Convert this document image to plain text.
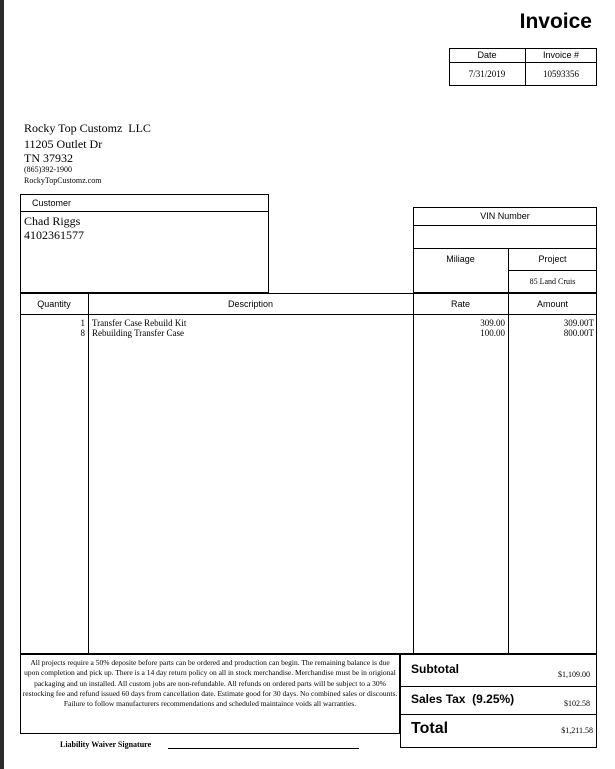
Invoice
Date	Invoice #
7/31/2019	10593356
Rocky Top Customz  LLC
11205 Outlet Dr
TN 37932
(865)392-1900
RockyTopCustomz.com
Customer
Chad Riggs
4102361577
VIN Number
Miliage	Project
85 Land Cruis
Quantity	Description	Rate	Amount
1 Transfer Case Rebuild Kit	309.00	309.00T
8 Rebuilding Transfer Case	100.00	800.00T
All projects require a 50% deposite before parts can be ordered and production can begin. The remaining balance is due upon completion and pick up. There is a 14 day return policy on all in stock merchandise. Merchandise must be in origional packaging and un installed. All custom jobs are non-refundable. All refunds on ordered parts will be subject to a 30% restocking fee and refund issued 60 days from cancellation date. Estimate good for 30 days. No combined sales or discounts. Failure to follow manufacturers recommendations and scheduled maintaince voids all warranties.
Subtotal	$1,109.00
Sales Tax  (9.25%)	$102.58
Total	$1,211.58
Liability Waiver Signature
